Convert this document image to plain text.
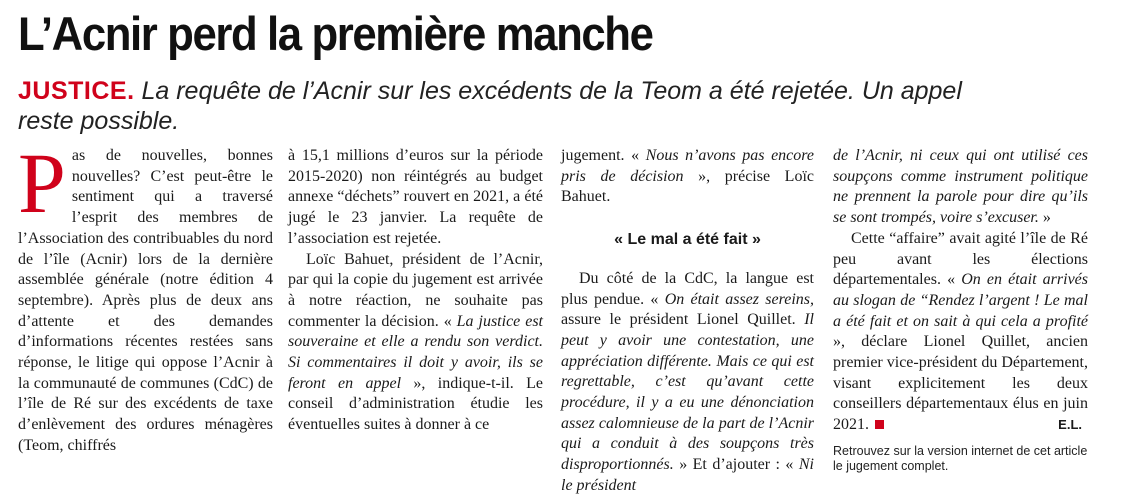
L’Acnir perd la première manche

JUSTICE. La requête de l’Acnir sur les excédents de la Teom a été rejetée. Un appel reste possible.

Pas de nouvelles, bonnes nouvelles? C’est peut-être le sentiment qui a traversé l’esprit des membres de l’Association des contribuables du nord de l’île (Acnir) lors de la dernière assemblée générale (notre édition 4 septembre). Après plus de deux ans d’attente et des demandes d’informations récentes restées sans réponse, le litige qui oppose l’Acnir à la communauté de communes (CdC) de l’île de Ré sur des excédents de taxe d’enlèvement des ordures ménagères (Teom, chiffrés

à 15,1 millions d’euros sur la période 2015-2020) non réintégrés au budget annexe “déchets” rouvert en 2021, a été jugé le 23 janvier. La requête de l’association est rejetée.

Loïc Bahuet, président de l’Acnir, par qui la copie du jugement est arrivée à notre réaction, ne souhaite pas commenter la décision. « La justice est souveraine et elle a rendu son verdict. Si commentaires il doit y avoir, ils se feront en appel », indique-t-il. Le conseil d’administration étudie les éventuelles suites à donner à ce

jugement. « Nous n’avons pas encore pris de décision », précise Loïc Bahuet.

« Le mal a été fait »

Du côté de la CdC, la langue est plus pendue. « On était assez sereins, assure le président Lionel Quillet. Il peut y avoir une contestation, une appréciation différente. Mais ce qui est regrettable, c’est qu’avant cette procédure, il y a eu une dénonciation assez calomnieuse de la part de l’Acnir qui a conduit à des soupçons très disproportionnés. » Et d’ajouter : « Ni le président

de l’Acnir, ni ceux qui ont utilisé ces soupçons comme instrument politique ne prennent la parole pour dire qu’ils se sont trompés, voire s’excuser. »

Cette “affaire” avait agité l’île de Ré peu avant les élections départementales. « On en était arrivés au slogan de “Rendez l’argent ! Le mal a été fait et on sait à qui cela a profité », déclare Lionel Quillet, ancien premier vice-président du Département, visant explicitement les deux conseillers départementaux élus en juin 2021.	E.L.

Retrouvez sur la version internet de cet article le jugement complet.
